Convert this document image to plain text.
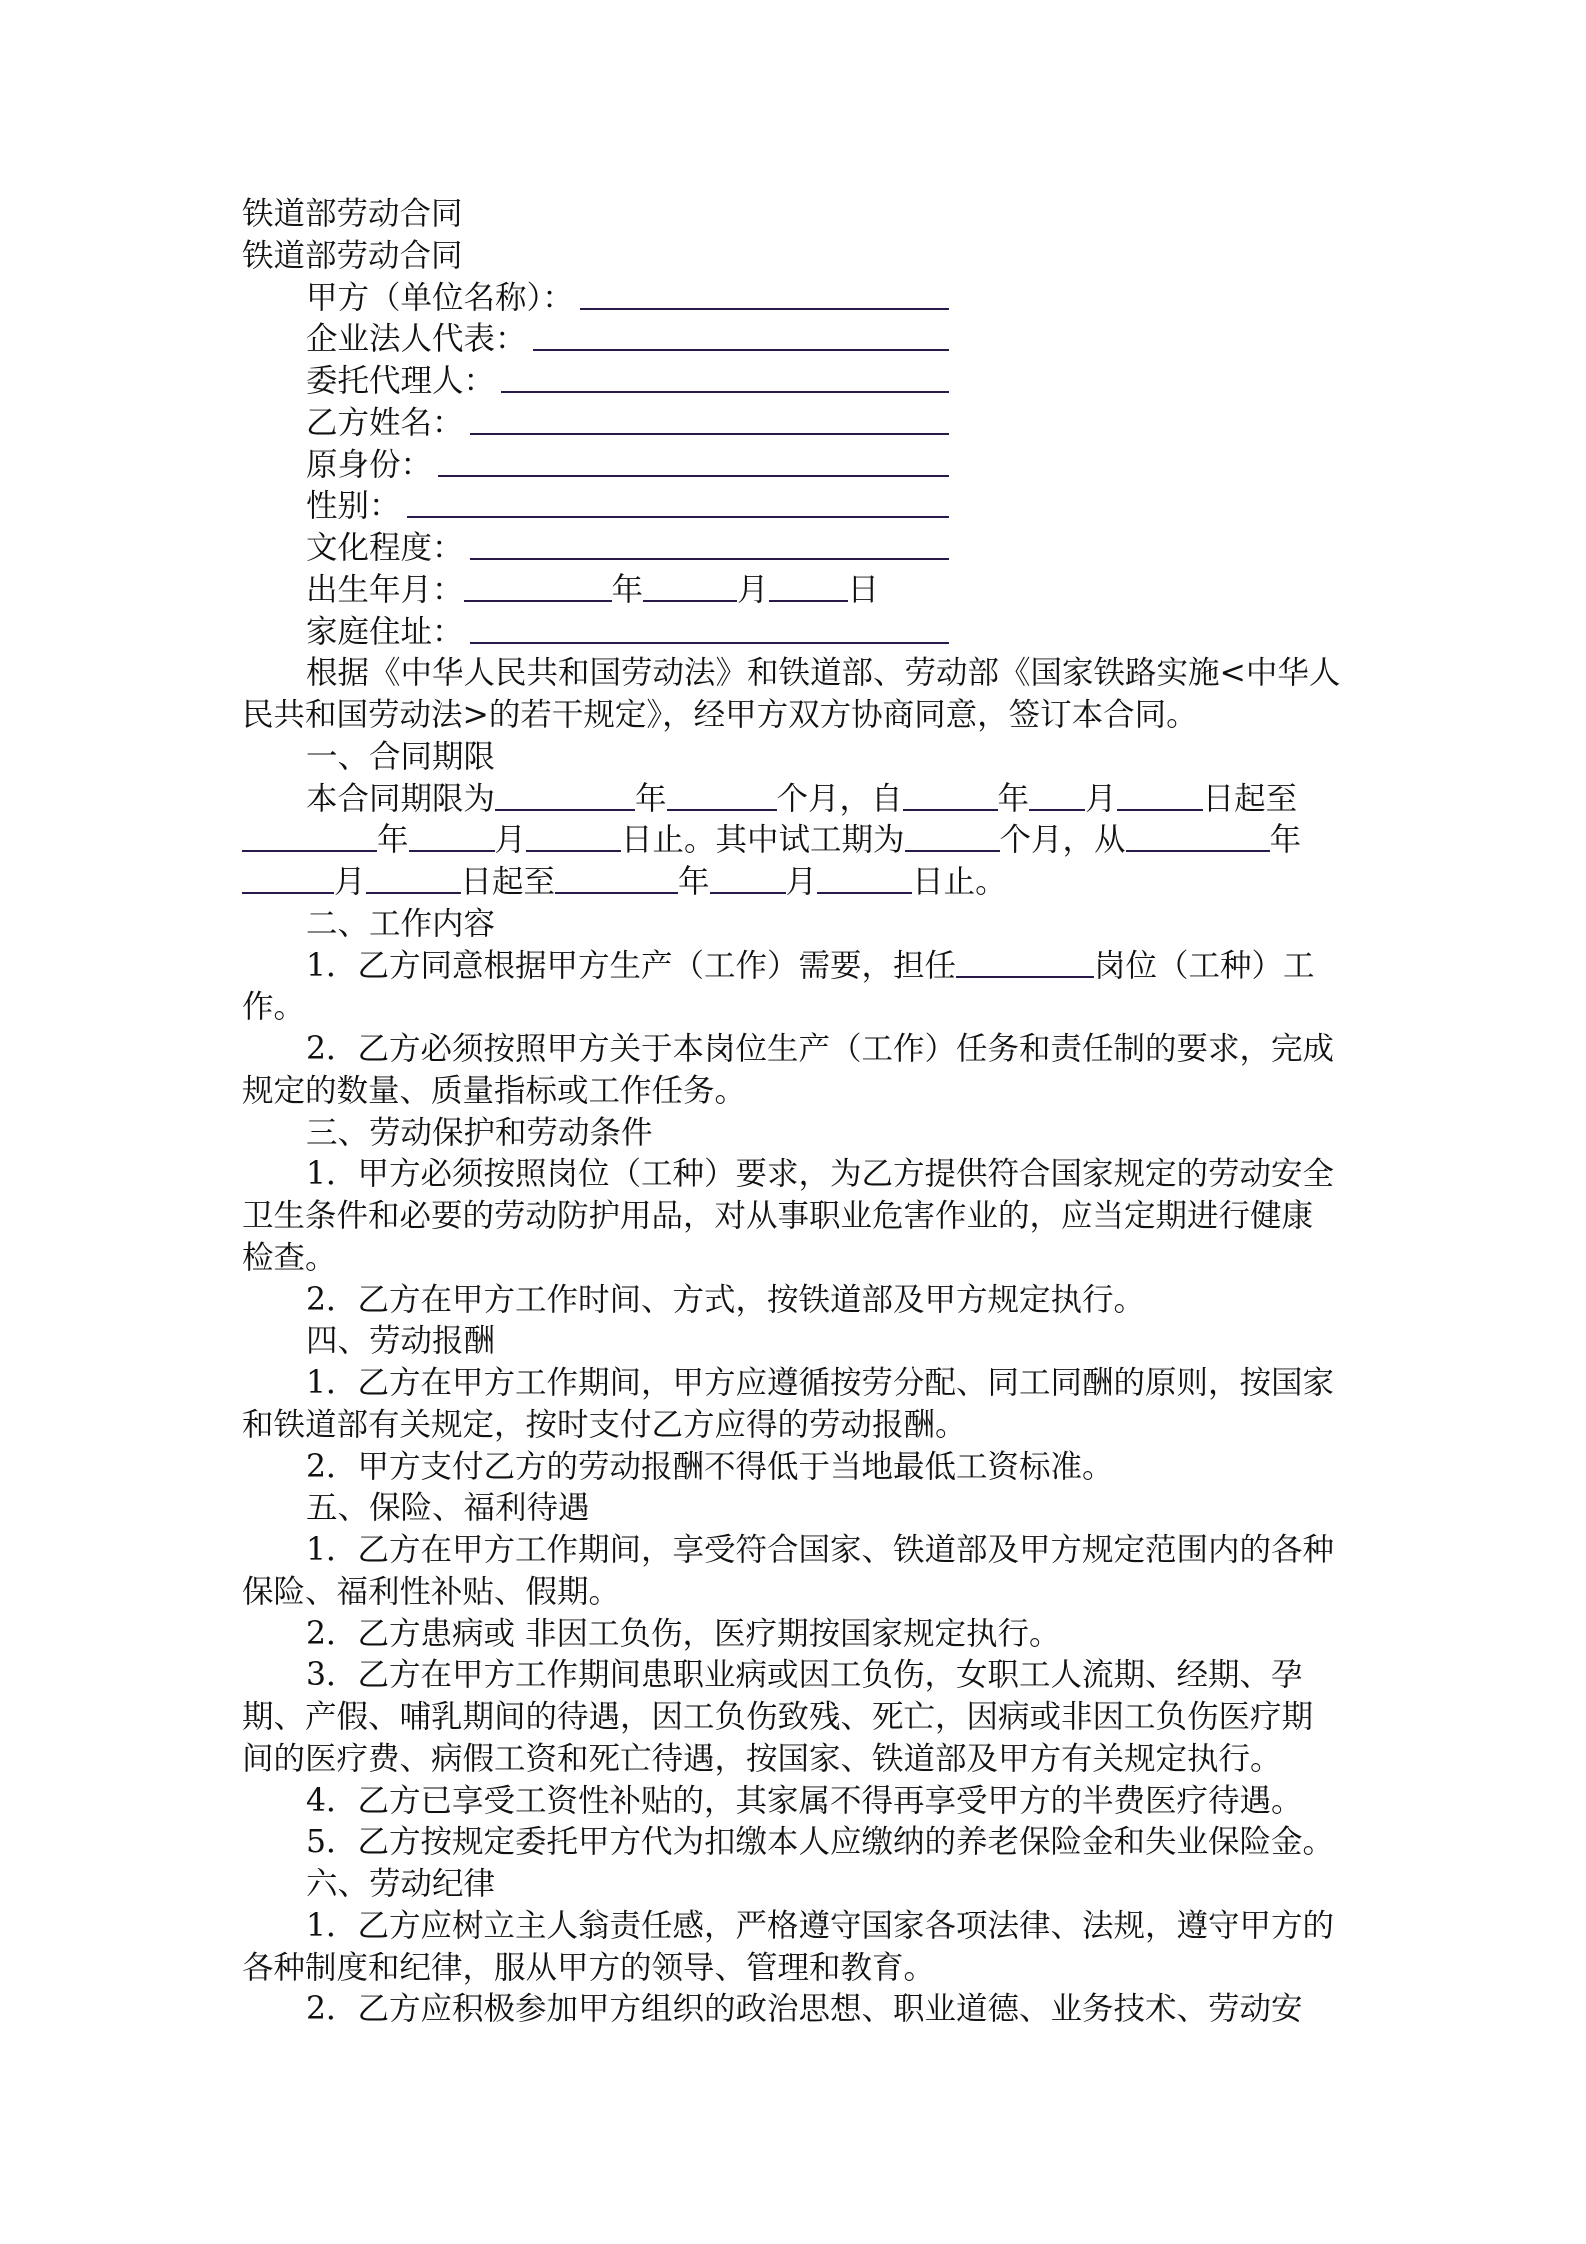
铁道部劳动合同
铁道部劳动合同
甲方（单位名称）：
企业法人代表：
委托代理人：
乙方姓名：
原身份：
性别：
文化程度：
出生年月：	年	月	日
家庭住址：
根据《中华人民共和国劳动法》和铁道部、劳动部《国家铁路实施<中华人
民共和国劳动法>的若干规定》，经甲方双方协商同意，签订本合同。
一、合同期限
本合同期限为	年	个月，自	年 月	日起至
年	月	日止。其中试工期为	个月，从	年
月	日起至	年 月	日止。
二、工作内容
1．乙方同意根据甲方生产（工作）需要，担任	岗位（工种）工
作。
2．乙方必须按照甲方关于本岗位生产（工作）任务和责任制的要求，完成
规定的数量、质量指标或工作任务。
三、劳动保护和劳动条件
1．甲方必须按照岗位（工种）要求，为乙方提供符合国家规定的劳动安全
卫生条件和必要的劳动防护用品，对从事职业危害作业的，应当定期进行健康
检查。
2．乙方在甲方工作时间、方式，按铁道部及甲方规定执行。
四、劳动报酬
1．乙方在甲方工作期间，甲方应遵循按劳分配、同工同酬的原则，按国家
和铁道部有关规定，按时支付乙方应得的劳动报酬。
2．甲方支付乙方的劳动报酬不得低于当地最低工资标准。
五、保险、福利待遇
1．乙方在甲方工作期间，享受符合国家、铁道部及甲方规定范围内的各种
保险、福利性补贴、假期。
2．乙方患病或 非因工负伤，医疗期按国家规定执行。
3．乙方在甲方工作期间患职业病或因工负伤，女职工人流期、经期、孕
期、产假、哺乳期间的待遇，因工负伤致残、死亡，因病或非因工负伤医疗期
间的医疗费、病假工资和死亡待遇，按国家、铁道部及甲方有关规定执行。
4．乙方已享受工资性补贴的，其家属不得再享受甲方的半费医疗待遇。
5．乙方按规定委托甲方代为扣缴本人应缴纳的养老保险金和失业保险金。
六、劳动纪律
1．乙方应树立主人翁责任感，严格遵守国家各项法律、法规，遵守甲方的
各种制度和纪律，服从甲方的领导、管理和教育。
2．乙方应积极参加甲方组织的政治思想、职业道德、业务技术、劳动安
